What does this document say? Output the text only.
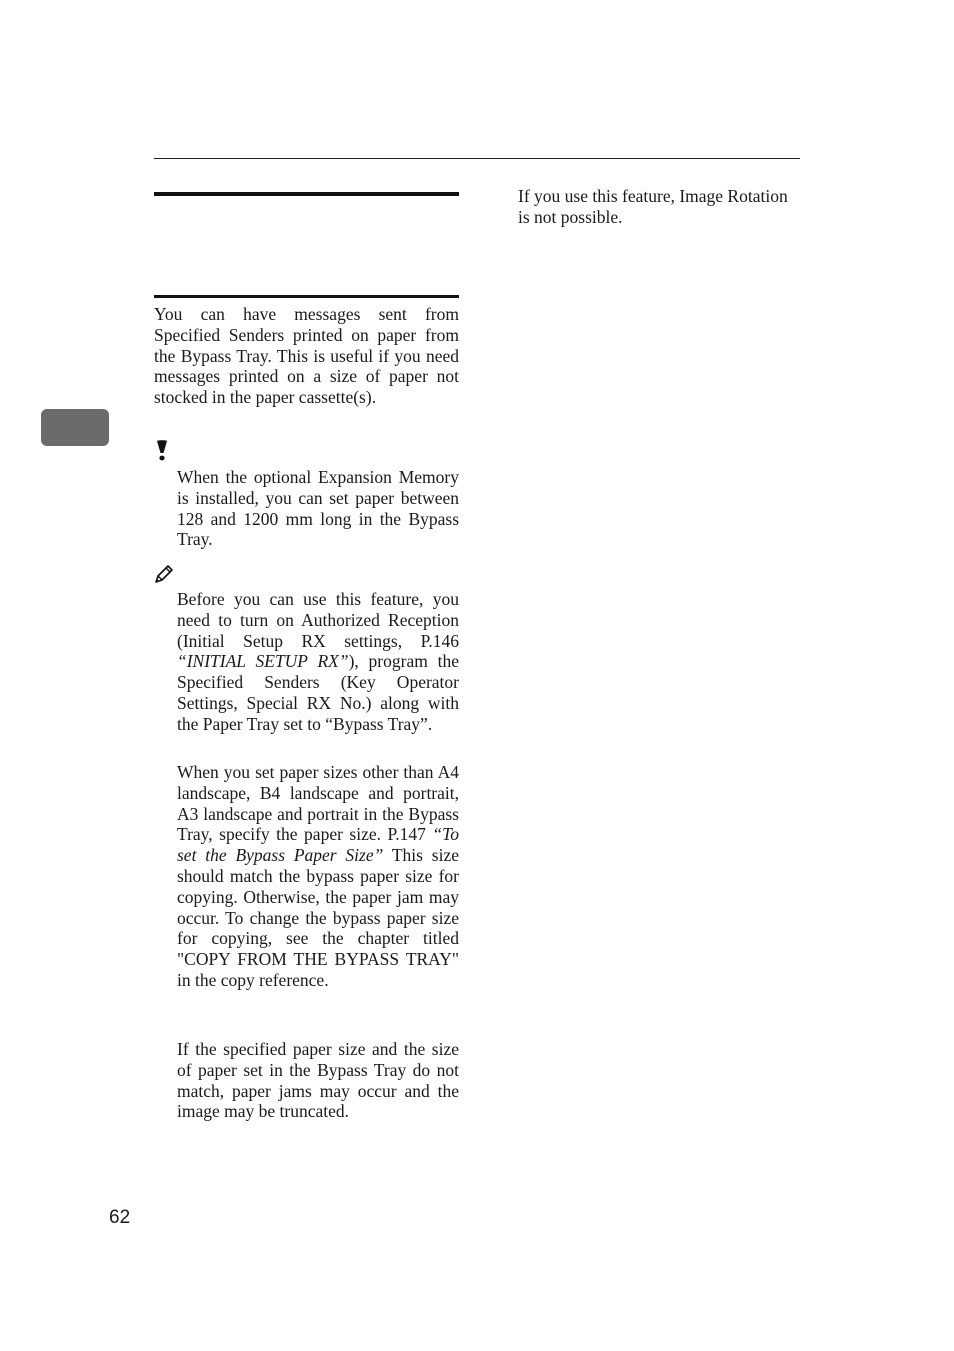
You can have messages sent from Specified Senders printed on paper from the Bypass Tray. This is useful if you need messages printed on a size of paper not stocked in the paper cassette(s).

When the optional Expansion Memory is installed, you can set paper between 128 and 1200 mm long in the Bypass Tray.

Before you can use this feature, you need to turn on Authorized Reception (Initial Setup RX settings, P.146 “INITIAL SETUP RX”), program the Specified Senders (Key Operator Settings, Special RX No.) along with the Paper Tray set to “Bypass Tray”.

When you set paper sizes other than A4 landscape, B4 landscape and portrait, A3 landscape and portrait in the Bypass Tray, specify the paper size. P.147 “To set the Bypass Paper Size” This size should match the bypass paper size for copying. Otherwise, the paper jam may occur. To change the bypass paper size for copying, see the chapter titled "COPY FROM THE BYPASS TRAY" in the copy reference.

If the specified paper size and the size of paper set in the Bypass Tray do not match, paper jams may occur and the image may be truncated.

If you use this feature, Image Rotation is not possible.

62
